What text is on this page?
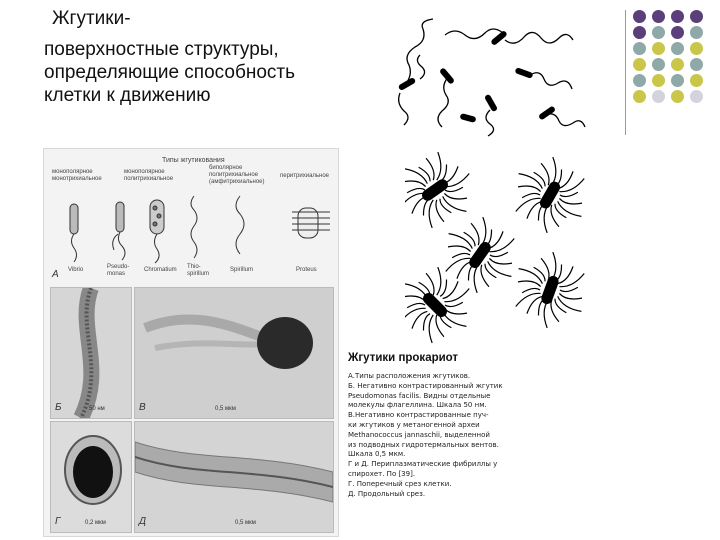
Жгутики-
поверхностные структуры,
определяющие способность
клетки к движению
Типы жгутикования
монополярное монотрихиальное
монополярное политрихиальное
биполярное политрихиальное (амфитрихиальное)
перитрихиальное
Vibrio	Pseudo-monas
Chromatium Thio-spirillum
Spirillum	Proteus
А
Б	50 нм	В	0,5 мкм
Г	0,2 мкм	Д	0,5 мкм
Жгутики прокариот

А.Типы расположения жгутиков.

Б. Негативно контрастированный жгутик

Pseudomonas facilis. Видны отдельные

молекулы флагеллина. Шкала 50 нм.

В.Негативно контрастированные пуч-

ки жгутиков у метаногенной археи

Methanococcus jannaschii, выделенной

из подводных гидротермальных вентов.

Шкала 0,5 мкм.

Г и Д. Периплазматические фибриллы у

спирохет. По [39].

Г. Поперечный срез клетки.

Д. Продольный срез.
